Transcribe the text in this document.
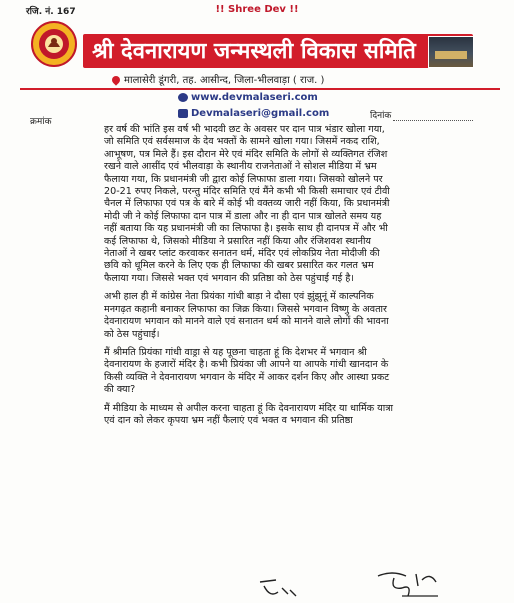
रजि. नं. 167	!! Shree Dev !!
श्री देवनारायण जन्मस्थली विकास समिति
मालासेरी डूंगरी, तह. आसीन्द, जिला-भीलवाड़ा ( राज. )
www.devmalaseri.com
क्रमांक
Devmalaseri@gmail.com	दिनांक

हर वर्ष की भांति इस वर्ष भी भादवी छट के अवसर पर दान पात्र भंडार खोला गया, जो समिति एवं सर्वसमाज के देव भक्तों के सामने खोला गया। जिसमें नकद राशि, आभूषण, पत्र मिले हैं। इस दौरान मेरे एवं मंदिर समिति के लोगों से व्यक्तिगत रंजिश रखने वाले आसींद एवं भीलवाड़ा के स्थानीय राजनेताओं ने सोशल मीडिया में भ्रम फैलाया गया, कि प्रधानमंत्री जी द्वारा कोई लिफाफा डाला गया। जिसको खोलने पर 20-21 रुपए निकले, परन्तु मंदिर समिति एवं मैंने कभी भी किसी समाचार एवं टीवी चैनल में लिफाफा एवं पत्र के बारे में कोई भी वक्तव्य जारी नहीं किया, कि प्रधानमंत्री मोदी जी ने कोई लिफाफा दान पात्र में डाला और ना ही दान पात्र खोलते समय यह नहीं बताया कि यह प्रधानमंत्री जी का लिफाफा है। इसके साथ ही दानपत्र में और भी कई लिफाफा थे, जिसको मीडिया ने प्रसारित नहीं किया और रंजिशवश स्थानीय नेताओं ने खबर प्लांट करवाकर सनातन धर्म, मंदिर एवं लोकप्रिय नेता मोदीजी की छवि को धूमिल करने के लिए एक ही लिफाफा की खबर प्रसारित कर गलत भ्रम फैलाया गया। जिससे भक्त एवं भगवान की प्रतिष्ठा को ठेस पहुंचाई गई है।

अभी हाल ही में कांग्रेस नेता प्रियंका गांधी बाड़ा ने दौसा एवं झुंझुनूं में काल्पनिक मनगढ़त कहानी बनाकर लिफाफा का जिक्र किया। जिससे भगवान विष्णु के अवतार देवनारायण भगवान को मानने वाले एवं सनातन धर्म को मानने वाले लोगों की भावना को ठेस पहुंचाई।

मैं श्रीमति प्रियंका गांधी वाड्रा से यह पूछना चाहता हूं कि देशभर में भगवान श्री देवनारायण के हजारों मंदिर है। कभी प्रियंका जी आपने या आपके गांधी खानदान के किसी व्यक्ति ने देवनारायण भगवान के मंदिर में आकर दर्शन किए और आस्था प्रकट की क्या?

मैं मीडिया के माध्यम से अपील करना चाहता हूं कि देवनारायण मंदिर या धार्मिक यात्रा एवं दान को लेकर कृपया भ्रम नहीं फैलाएं एवं भक्त व भगवान की प्रतिष्ठा
